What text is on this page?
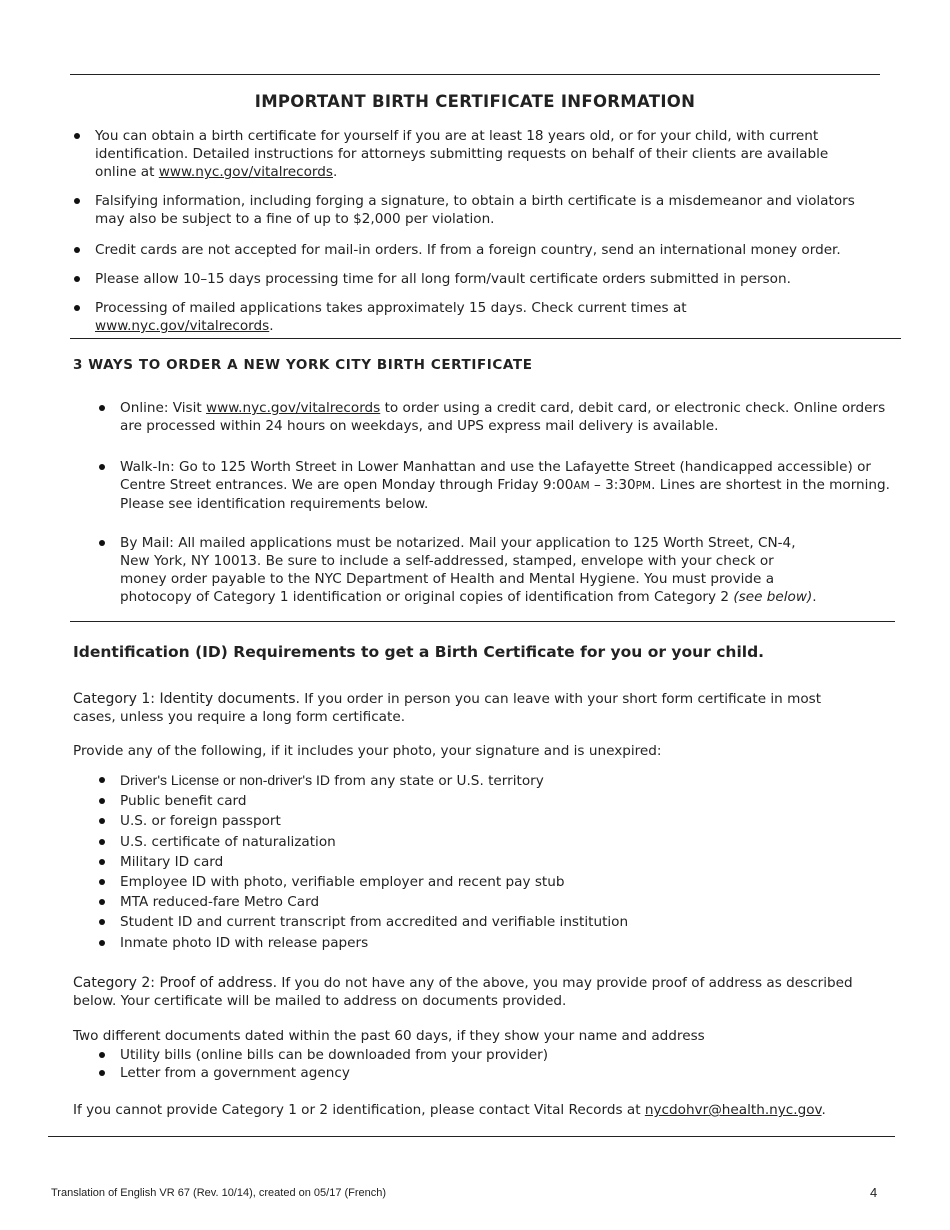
IMPORTANT BIRTH CERTIFICATE INFORMATION
You can obtain a birth certificate for yourself if you are at least 18 years old, or for your child, with current identification. Detailed instructions for attorneys submitting requests on behalf of their clients are available online at www.nyc.gov/vitalrecords.
Falsifying information, including forging a signature, to obtain a birth certificate is a misdemeanor and violators may also be subject to a fine of up to $2,000 per violation.
Credit cards are not accepted for mail-in orders. If from a foreign country, send an international money order.
Please allow 10–15 days processing time for all long form/vault certificate orders submitted in person.
Processing of mailed applications takes approximately 15 days. Check current times at www.nyc.gov/vitalrecords.
3 WAYS TO ORDER A NEW YORK CITY BIRTH CERTIFICATE
Online: Visit www.nyc.gov/vitalrecords to order using a credit card, debit card, or electronic check. Online orders are processed within 24 hours on weekdays, and UPS express mail delivery is available.
Walk-In: Go to 125 Worth Street in Lower Manhattan and use the Lafayette Street (handicapped accessible) or Centre Street entrances. We are open Monday through Friday 9:00AM – 3:30PM. Lines are shortest in the morning. Please see identification requirements below.
By Mail: All mailed applications must be notarized. Mail your application to 125 Worth Street, CN-4, New York, NY 10013. Be sure to include a self-addressed, stamped, envelope with your check or money order payable to the NYC Department of Health and Mental Hygiene. You must provide a photocopy of Category 1 identification or original copies of identification from Category 2 (see below).
Identification (ID) Requirements to get a Birth Certificate for you or your child.

Category 1: Identity documents. If you order in person you can leave with your short form certificate in most cases, unless you require a long form certificate.

Provide any of the following, if it includes your photo, your signature and is unexpired:

Driver's License or non-driver's ID from any state or U.S. territory
Public benefit card
U.S. or foreign passport
U.S. certificate of naturalization
Military ID card
Employee ID with photo, verifiable employer and recent pay stub
MTA reduced-fare Metro Card
Student ID and current transcript from accredited and verifiable institution
Inmate photo ID with release papers

Category 2: Proof of address. If you do not have any of the above, you may provide proof of address as described below. Your certificate will be mailed to address on documents provided.

Two different documents dated within the past 60 days, if they show your name and address

Utility bills (online bills can be downloaded from your provider)
Letter from a government agency

If you cannot provide Category 1 or 2 identification, please contact Vital Records at nycdohvr@health.nyc.gov.

Translation of English VR 67 (Rev. 10/14), created on 05/17 (French)	4
